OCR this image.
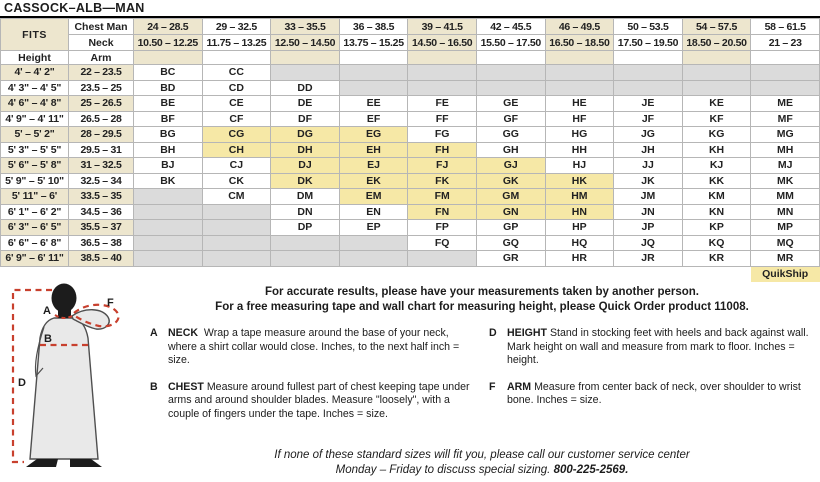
CASSOCK–ALB—MAN
FITS	Chest Man	24 – 28.5	29 – 32.5	33 – 35.5	36 – 38.5	39 – 41.5	42 – 45.5	46 – 49.5	50 – 53.5	54 – 57.5	58 – 61.5
	Neck	10.50 – 12.25	11.75 – 13.25	12.50 – 14.50	13.75 – 15.25	14.50 – 16.50	15.50 – 17.50	16.50 – 18.50	17.50 – 19.50	18.50 – 20.50	21 – 23
Height	Arm										
4' – 4' 2"	22 – 23.5	BC	CC								
4' 3" – 4' 5"	23.5 – 25	BD	CD	DD							
4' 6" – 4' 8"	25 – 26.5	BE	CE	DE	EE	FE	GE	HE	JE	KE	ME
4' 9" – 4' 11"	26.5 – 28	BF	CF	DF	EF	FF	GF	HF	JF	KF	MF
5' – 5' 2"	28 – 29.5	BG	CG	DG	EG	FG	GG	HG	JG	KG	MG
5' 3" – 5' 5"	29.5 – 31	BH	CH	DH	EH	FH	GH	HH	JH	KH	MH
5' 6" – 5' 8"	31 – 32.5	BJ	CJ	DJ	EJ	FJ	GJ	HJ	JJ	KJ	MJ
5' 9" – 5' 10"	32.5 – 34	BK	CK	DK	EK	FK	GK	HK	JK	KK	MK
5' 11" – 6'	33.5 – 35		CM	DM	EM	FM	GM	HM	JM	KM	MM
6' 1" – 6' 2"	34.5 – 36			DN	EN	FN	GN	HN	JN	KN	MN
6' 3" – 6' 5"	35.5 – 37			DP	EP	FP	GP	HP	JP	KP	MP
6' 6" – 6' 8"	36.5 – 38					FQ	GQ	HQ	JQ	KQ	MQ
6' 9" – 6' 11"	38.5 – 40						GR	HR	JR	KR	MR
											QuikShip
A
B
D
F
For accurate results, please have your measurements taken by another person.
For a free measuring tape and wall chart for measuring height, please Quick Order product 11008.
A NECK Wrap a tape measure around the base of your neck, where a shirt collar would close. Inches, to the next half inch = size.
B CHEST Measure around fullest part of chest keeping tape under arms and around shoulder blades. Measure "loosely", with a couple of fingers under the tape. Inches = size.
D HEIGHT Stand in stocking feet with heels and back against wall. Mark height on wall and measure from mark to floor. Inches = height.
F	ARM Measure from center back of neck, over shoulder to wrist bone. Inches = size.
If none of these standard sizes will fit you, please call our customer service center
Monday – Friday to discuss special sizing. 800-225-2569.
